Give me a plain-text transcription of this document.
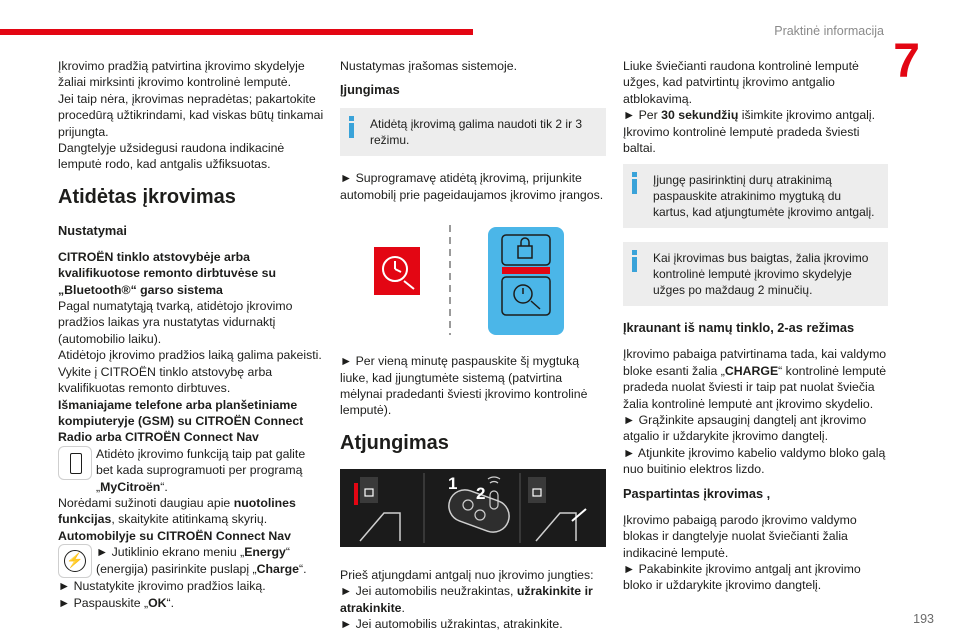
Praktinė informacija
7
193

Įkrovimo pradžią patvirtina įkrovimo skydelyje žaliai mirksinti įkrovimo kontrolinė lemputė.

Jei taip nėra, įkrovimas nepradėtas; pakartokite procedūrą užtikrindami, kad viskas būtų tinkamai prijungta.

Dangtelyje užsidegusi raudona indikacinė lemputė rodo, kad antgalis užfiksuotas.

Atidėtas įkrovimas
Nustatymai

CITROËN tinklo atstovybėje arba kvalifikuotose remonto dirbtuvėse su „Bluetooth®“ garso sistema

Pagal numatytąją tvarką, atidėtojo įkrovimo pradžios laikas yra nustatytas vidurnaktį (automobilio laiku).

Atidėtojo įkrovimo pradžios laiką galima pakeisti. Vykite į CITROËN tinklo atstovybę arba kvalifikuotas remonto dirbtuves.

Išmaniajame telefone arba planšetiniame kompiuteryje (GSM) su CITROËN Connect Radio arba CITROËN Connect Nav

Atidėto įkrovimo funkciją taip pat galite bet kada suprogramuoti per programą „MyCitroën“.

Norėdami sužinoti daugiau apie nuotolines funkcijas, skaitykite atitinkamą skyrių.

Automobilyje su CITROËN Connect Nav

⚡ ► Jutiklinio ekrano meniu „Energy“ (energija) pasirinkite puslapį „Charge“.

► Nustatykite įkrovimo pradžios laiką.

► Paspauskite „OK“.

Nustatymas įrašomas sistemoje.

Įjungimas
Atidėtą įkrovimą galima naudoti tik 2 ir 3 režimu.

► Suprogramavę atidėtą įkrovimą, prijunkite automobilį prie pageidaujamos įkrovimo įrangos.

► Per vieną minutę paspauskite šį mygtuką liuke, kad įjungtumėte sistemą (patvirtina mėlynai pradedanti šviesti įkrovimo kontrolinė lemputė).

Atjungimas
1
2

Prieš atjungdami antgalį nuo įkrovimo jungties:

► Jei automobilis neužrakintas, užrakinkite ir atrakinkite.

► Jei automobilis užrakintas, atrakinkite.

Liuke šviečianti raudona kontrolinė lemputė užges, kad patvirtintų įkrovimo antgalio atblokavimą.

► Per 30 sekundžių išimkite įkrovimo antgalį.

Įkrovimo kontrolinė lemputė pradeda šviesti baltai.

Įjungę pasirinktinį durų atrakinimą paspauskite atrakinimo mygtuką du kartus, kad atjungtumėte įkrovimo antgalį.
Kai įkrovimas bus baigtas, žalia įkrovimo kontrolinė lemputė įkrovimo skydelyje užges po maždaug 2 minučių.
Įkraunant iš namų tinklo, 2-as režimas

Įkrovimo pabaiga patvirtinama tada, kai valdymo bloke esanti žalia „CHARGE“ kontrolinė lemputė pradeda nuolat šviesti ir taip pat nuolat šviečia žalia kontrolinė lemputė ant įkrovimo skydelio.

► Grąžinkite apsauginį dangtelį ant įkrovimo atgalio ir uždarykite įkrovimo dangtelį.

► Atjunkite įkrovimo kabelio valdymo bloko galą nuo buitinio elektros lizdo.

Paspartintas įkrovimas ,

Įkrovimo pabaigą parodo įkrovimo valdymo blokas ir dangtelyje nuolat šviečianti žalia indikacinė lemputė.

► Pakabinkite įkrovimo antgalį ant įkrovimo bloko ir uždarykite įkrovimo dangtelį.
